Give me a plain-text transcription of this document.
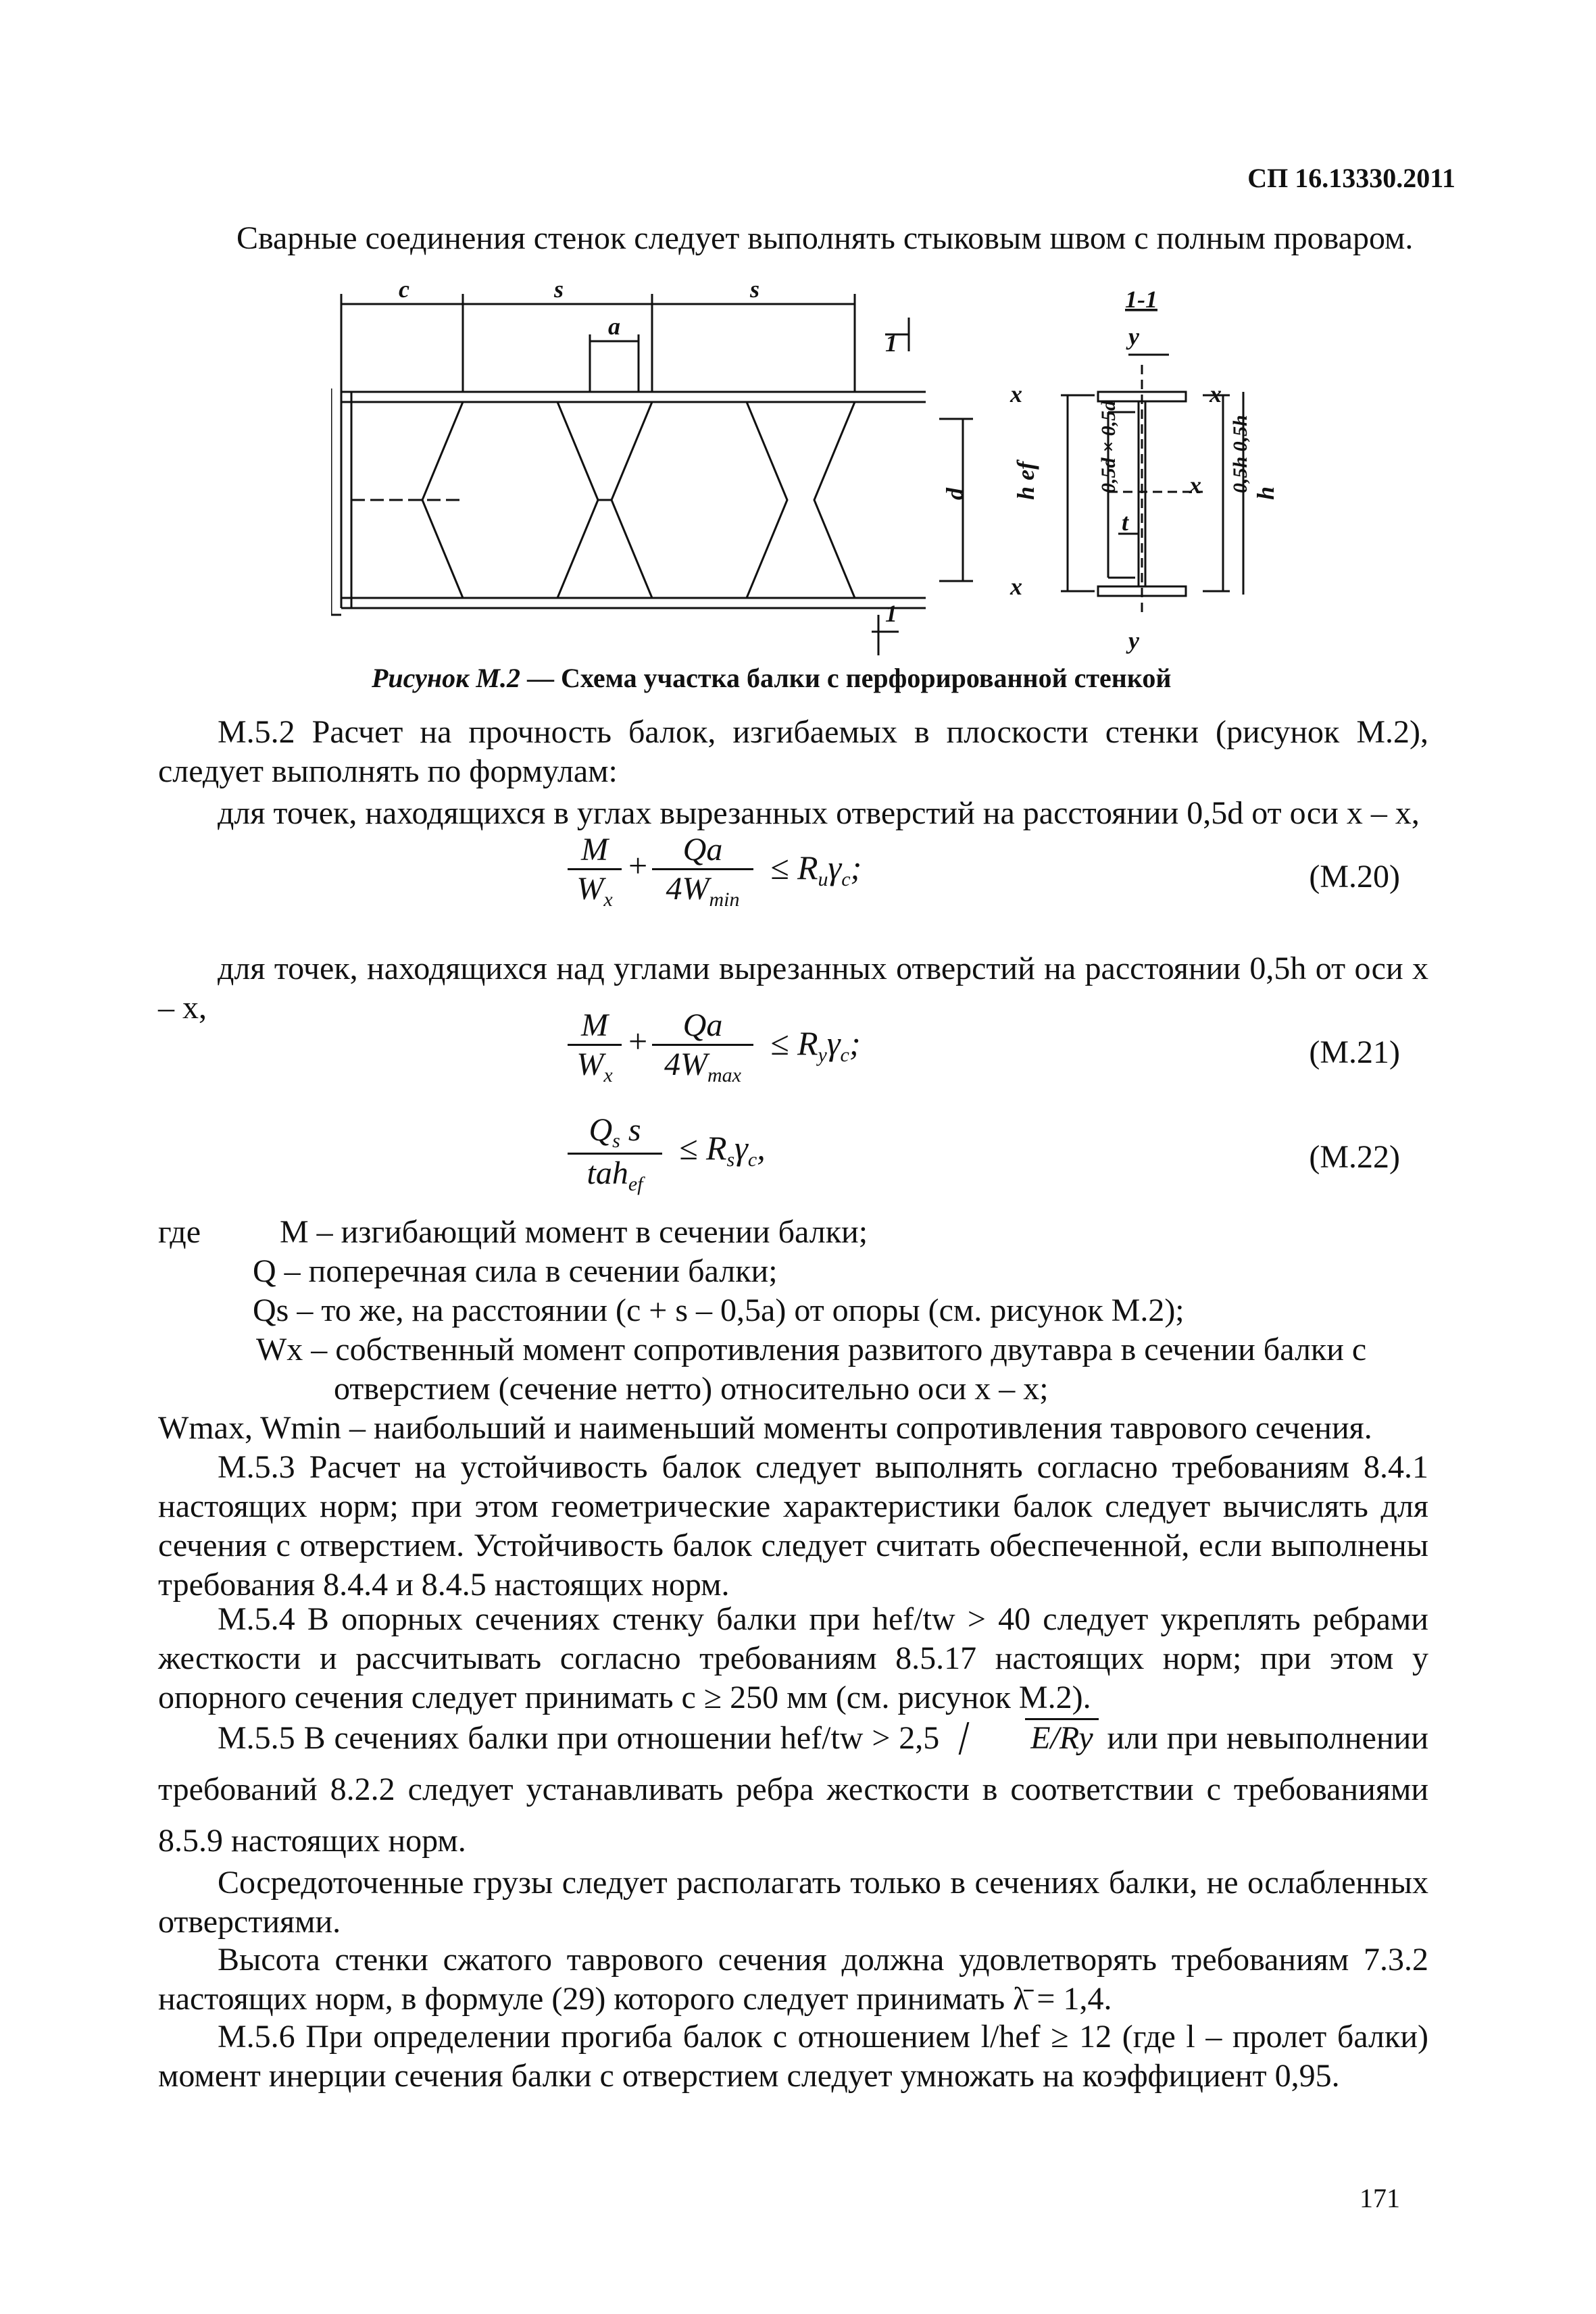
СП 16.13330.2011
Сварные соединения стенок следует выполнять стыковым швом с полным проваром.
c	s	s
a
d
1
1
1-1
y
y
x
x
x
x
h ef	0,5d × 0,5d
t
0,5h 0,5h h
Рисунок М.2 — Схема участка балки с перфорированной стенкой
М.5.2 Расчет на прочность балок, изгибаемых в плоскости стенки (рисунок М.2), следует выполнять по формулам:
для точек, находящихся в углах вырезанных отверстий на расстоянии 0,5d от оси x – x,
$\frac{M}{W_x}$ +	Qa
$4W_{min}$
≤ $R_u\gamma_c$;	(М.20)
для точек, находящихся над углами вырезанных отверстий на расстоянии 0,5h от оси x – x,	$\frac{M}{W_x}$ +	Qa
$4W_{max}$
≤ $R_y\gamma_c$;	(М.21)
$Q_s$ s
tah$_{ef}$
≤ $R_s\gamma_c$,	(М.22)
где M – изгибающий момент в сечении балки;
Q – поперечная сила в сечении балки;
Qs – то же, на расстоянии (c + s – 0,5a) от опоры (см. рисунок М.2);
Wx – собственный момент сопротивления развитого двутавра в сечении балки с
отверстием (сечение нетто) относительно оси x – x;
Wmax, Wmin – наибольший и наименьший моменты сопротивления таврового сечения.
М.5.3 Расчет на устойчивость балок следует выполнять согласно требованиям 8.4.1 настоящих норм; при этом геометрические характеристики балок следует вычислять для сечения с отверстием. Устойчивость балок следует считать обеспеченной, если выполнены требования 8.4.4 и 8.4.5 настоящих норм.
М.5.4 В опорных сечениях стенку балки при hef/tw > 40 следует укреплять ребрами жесткости и рассчитывать согласно требованиям 8.5.17 настоящих норм; при этом у опорного сечения следует принимать c ≥ 250 мм (см. рисунок М.2).
М.5.5 В сечениях балки при отношении hef/tw > 2,5	E/Ry или при невыполнении требований 8.2.2 следует устанавливать ребра жесткости в соответствии с требованиями 8.5.9 настоящих норм.
Сосредоточенные грузы следует располагать только в сечениях балки, не ослабленных отверстиями.
Высота стенки сжатого таврового сечения должна удовлетворять требованиям 7.3.2 настоящих норм, в формуле (29) которого следует принимать λ̄ = 1,4.
М.5.6 При определении прогиба балок с отношением l/hef ≥ 12 (где l – пролет балки) момент инерции сечения балки с отверстием следует умножать на коэффициент 0,95.
171
